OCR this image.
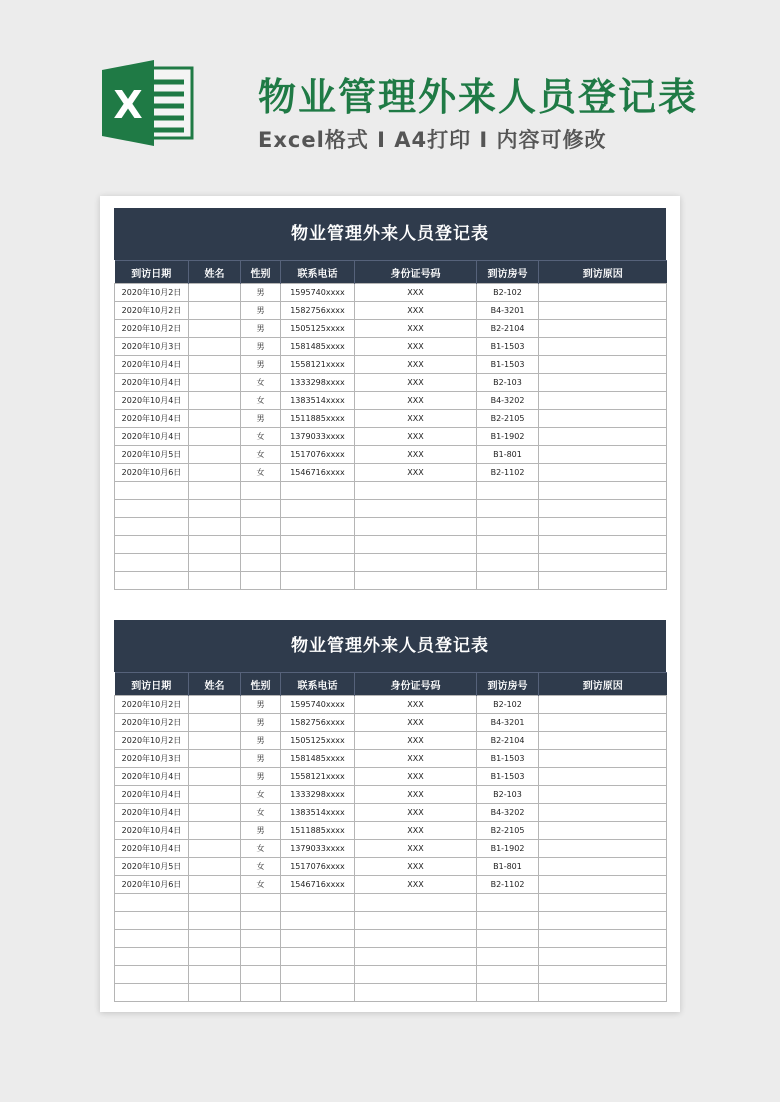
X	物业管理外来人员登记表
Excel格式 I A4打印 I 内容可修改
物业管理外来人员登记表
到访日期	姓名	性别	联系电话	身份证号码	到访房号	到访原因
2020年10月2日		男	1595740xxxx	XXX	B2-102	
2020年10月2日		男	1582756xxxx	XXX	B4-3201	
2020年10月2日		男	1505125xxxx	XXX	B2-2104	
2020年10月3日		男	1581485xxxx	XXX	B1-1503	
2020年10月4日		男	1558121xxxx	XXX	B1-1503	
2020年10月4日		女	1333298xxxx	XXX	B2-103	
2020年10月4日		女	1383514xxxx	XXX	B4-3202	
2020年10月4日		男	1511885xxxx	XXX	B2-2105	
2020年10月4日		女	1379033xxxx	XXX	B1-1902	
2020年10月5日		女	1517076xxxx	XXX	B1-801	
2020年10月6日		女	1546716xxxx	XXX	B2-1102	

物业管理外来人员登记表
到访日期	姓名	性别	联系电话	身份证号码	到访房号	到访原因
2020年10月2日		男	1595740xxxx	XXX	B2-102	
2020年10月2日		男	1582756xxxx	XXX	B4-3201	
2020年10月2日		男	1505125xxxx	XXX	B2-2104	
2020年10月3日		男	1581485xxxx	XXX	B1-1503	
2020年10月4日		男	1558121xxxx	XXX	B1-1503	
2020年10月4日		女	1333298xxxx	XXX	B2-103	
2020年10月4日		女	1383514xxxx	XXX	B4-3202	
2020年10月4日		男	1511885xxxx	XXX	B2-2105	
2020年10月4日		女	1379033xxxx	XXX	B1-1902	
2020年10月5日		女	1517076xxxx	XXX	B1-801	
2020年10月6日		女	1546716xxxx	XXX	B2-1102	
